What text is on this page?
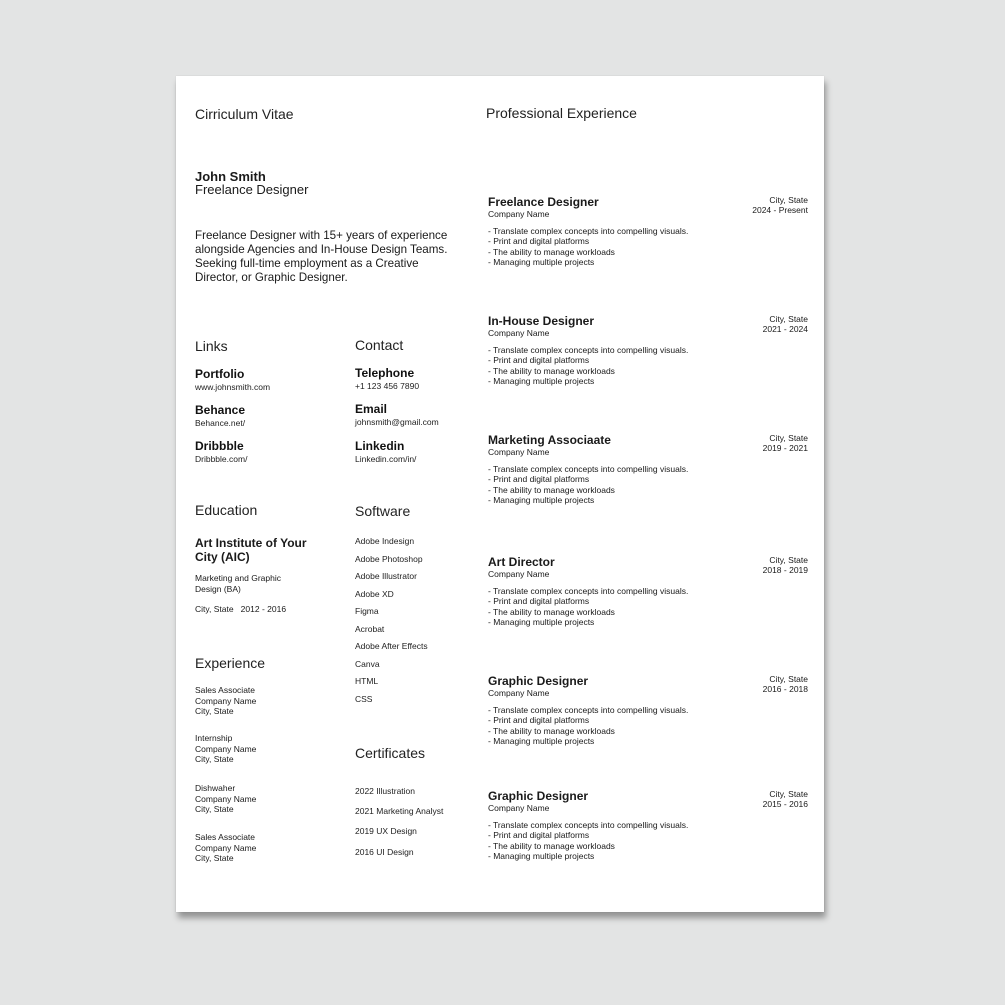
Cirriculum Vitae	Professional Experience
John Smith
Freelance Designer
Freelance Designer with 15+ years of experience alongside Agencies and In-House Design Teams. Seeking full-time employment as a Creative Director, or Graphic Designer.
Links
Portfolio
www.johnsmith.com
Behance
Behance.net/
Dribbble
Dribbble.com/
Contact
Telephone
+1 123 456 7890
Email
johnsmith@gmail.com
Linkedin
Linkedin.com/in/
Education
Art Institute of Your City (AIC)
Marketing and Graphic Design (BA)
City, State 2012 - 2016
Software
Adobe Indesign
Adobe Photoshop
Adobe Illustrator
Adobe XD
Figma
Acrobat
Adobe After Effects
Canva
HTML
CSS
Experience
Sales Associate
Company Name
City, State
Internship
Company Name
City, State
Dishwaher
Company Name
City, State
Sales Associate
Company Name
City, State
Certificates
2022 Illustration
2021 Marketing Analyst
2019 UX Design
2016 UI Design
Freelance Designer
Company Name
City, State
2024 - Present
- Translate complex concepts into compelling visuals.
- Print and digital platforms
- The ability to manage workloads
- Managing multiple projects
In-House Designer
Company Name
City, State
2021 - 2024
- Translate complex concepts into compelling visuals.
- Print and digital platforms
- The ability to manage workloads
- Managing multiple projects
Marketing Associaate
Company Name
City, State
2019 - 2021
- Translate complex concepts into compelling visuals.
- Print and digital platforms
- The ability to manage workloads
- Managing multiple projects
Art Director
Company Name
City, State
2018 - 2019
- Translate complex concepts into compelling visuals.
- Print and digital platforms
- The ability to manage workloads
- Managing multiple projects
Graphic Designer
Company Name
City, State
2016 - 2018
- Translate complex concepts into compelling visuals.
- Print and digital platforms
- The ability to manage workloads
- Managing multiple projects
Graphic Designer
Company Name
City, State
2015 - 2016
- Translate complex concepts into compelling visuals.
- Print and digital platforms
- The ability to manage workloads
- Managing multiple projects
